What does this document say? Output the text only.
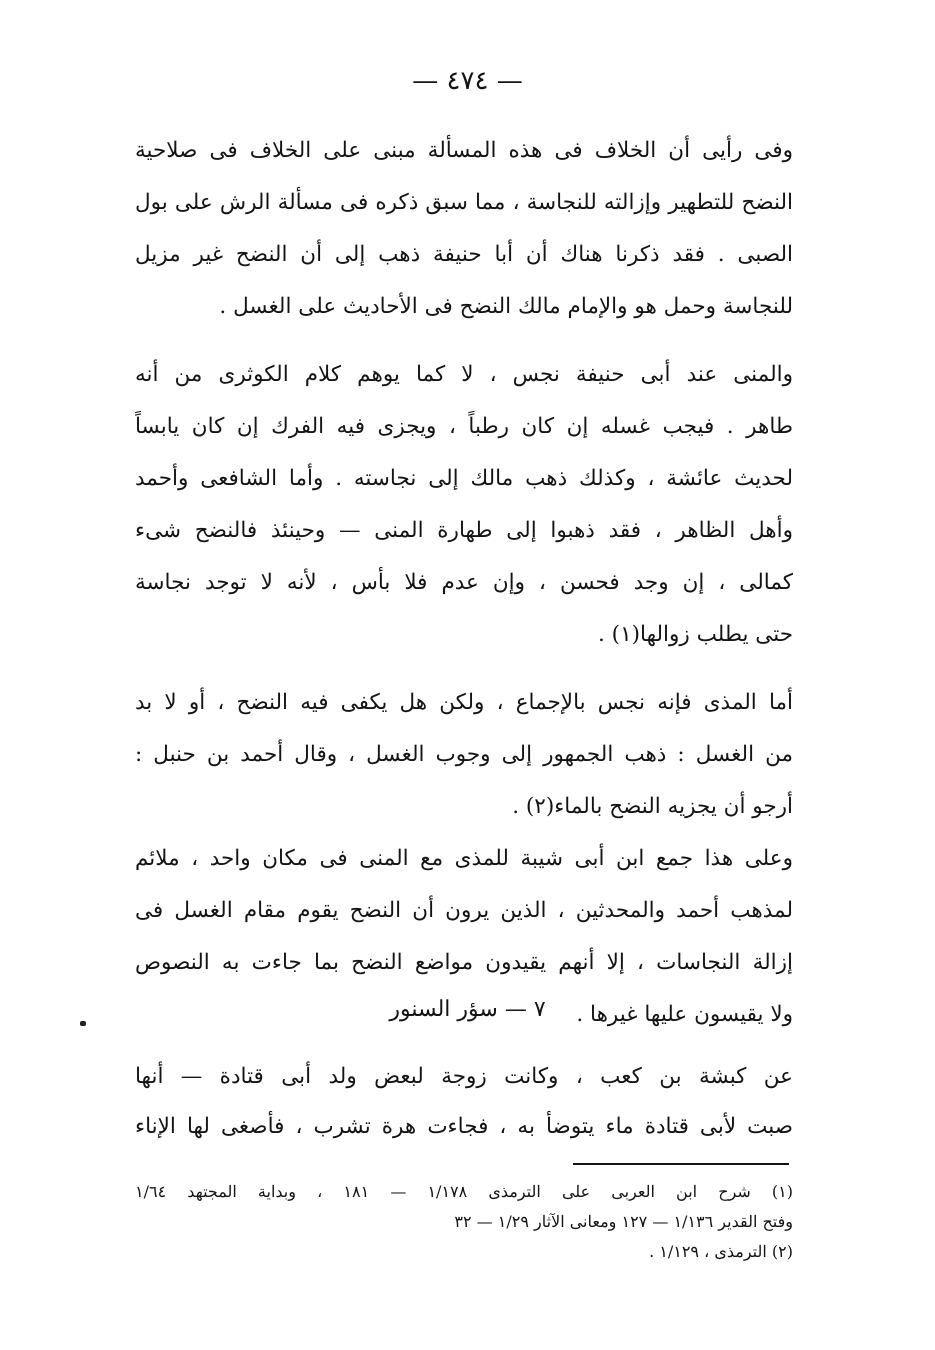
— ٤٧٤ —
وفى رأيى أن الخلاف فى هذه المسألة مبنى على الخلاف فى صلاحية
النضح للتطهير وإزالته للنجاسة ، مما سبق ذكره فى مسألة الرش على بول
الصبى . فقد ذكرنا هناك أن أبا حنيفة ذهب إلى أن النضح غير مزيل
للنجاسة وحمل هو والإمام مالك النضح فى الأحاديث على الغسل .
والمنى عند أبى حنيفة نجس ، لا كما يوهم كلام الكوثرى من أنه
طاهر . فيجب غسله إن كان رطباً ، ويجزى فيه الفرك إن كان يابساً
لحديث عائشة ، وكذلك ذهب مالك إلى نجاسته . وأما الشافعى وأحمد
وأهل الظاهر ، فقد ذهبوا إلى طهارة المنى — وحينئذ فالنضح شىء
كمالى ، إن وجد فحسن ، وإن عدم فلا بأس ، لأنه لا توجد نجاسة
حتى يطلب زوالها(١) .
أما المذى فإنه نجس بالإجماع ، ولكن هل يكفى فيه النضح ، أو لا بد
من الغسل : ذهب الجمهور إلى وجوب الغسل ، وقال أحمد بن حنبل :
أرجو أن يجزيه النضح بالماء(٢) .
وعلى هذا جمع ابن أبى شيبة للمذى مع المنى فى مكان واحد ، ملائم
لمذهب أحمد والمحدثين ، الذين يرون أن النضح يقوم مقام الغسل فى
إزالة النجاسات ، إلا أنهم يقيدون مواضع النضح بما جاءت به النصوص
ولا يقيسون عليها غيرها .
٧ — سؤر السنور
عن كبشة بن كعب ، وكانت زوجة لبعض ولد أبى قتادة — أنها
صبت لأبى قتادة ماء يتوضأ به ، فجاءت هرة تشرب ، فأصغى لها الإناء
(١) شرح ابن العربى على الترمذى ١/١٧٨ — ١٨١ ، وبداية المجتهد ١/٦٤
وفتح القدير ١/١٣٦ — ١٢٧ ومعانى الآثار ١/٢٩ — ٣٢
(٢) الترمذى ، ١/١٢٩ .
